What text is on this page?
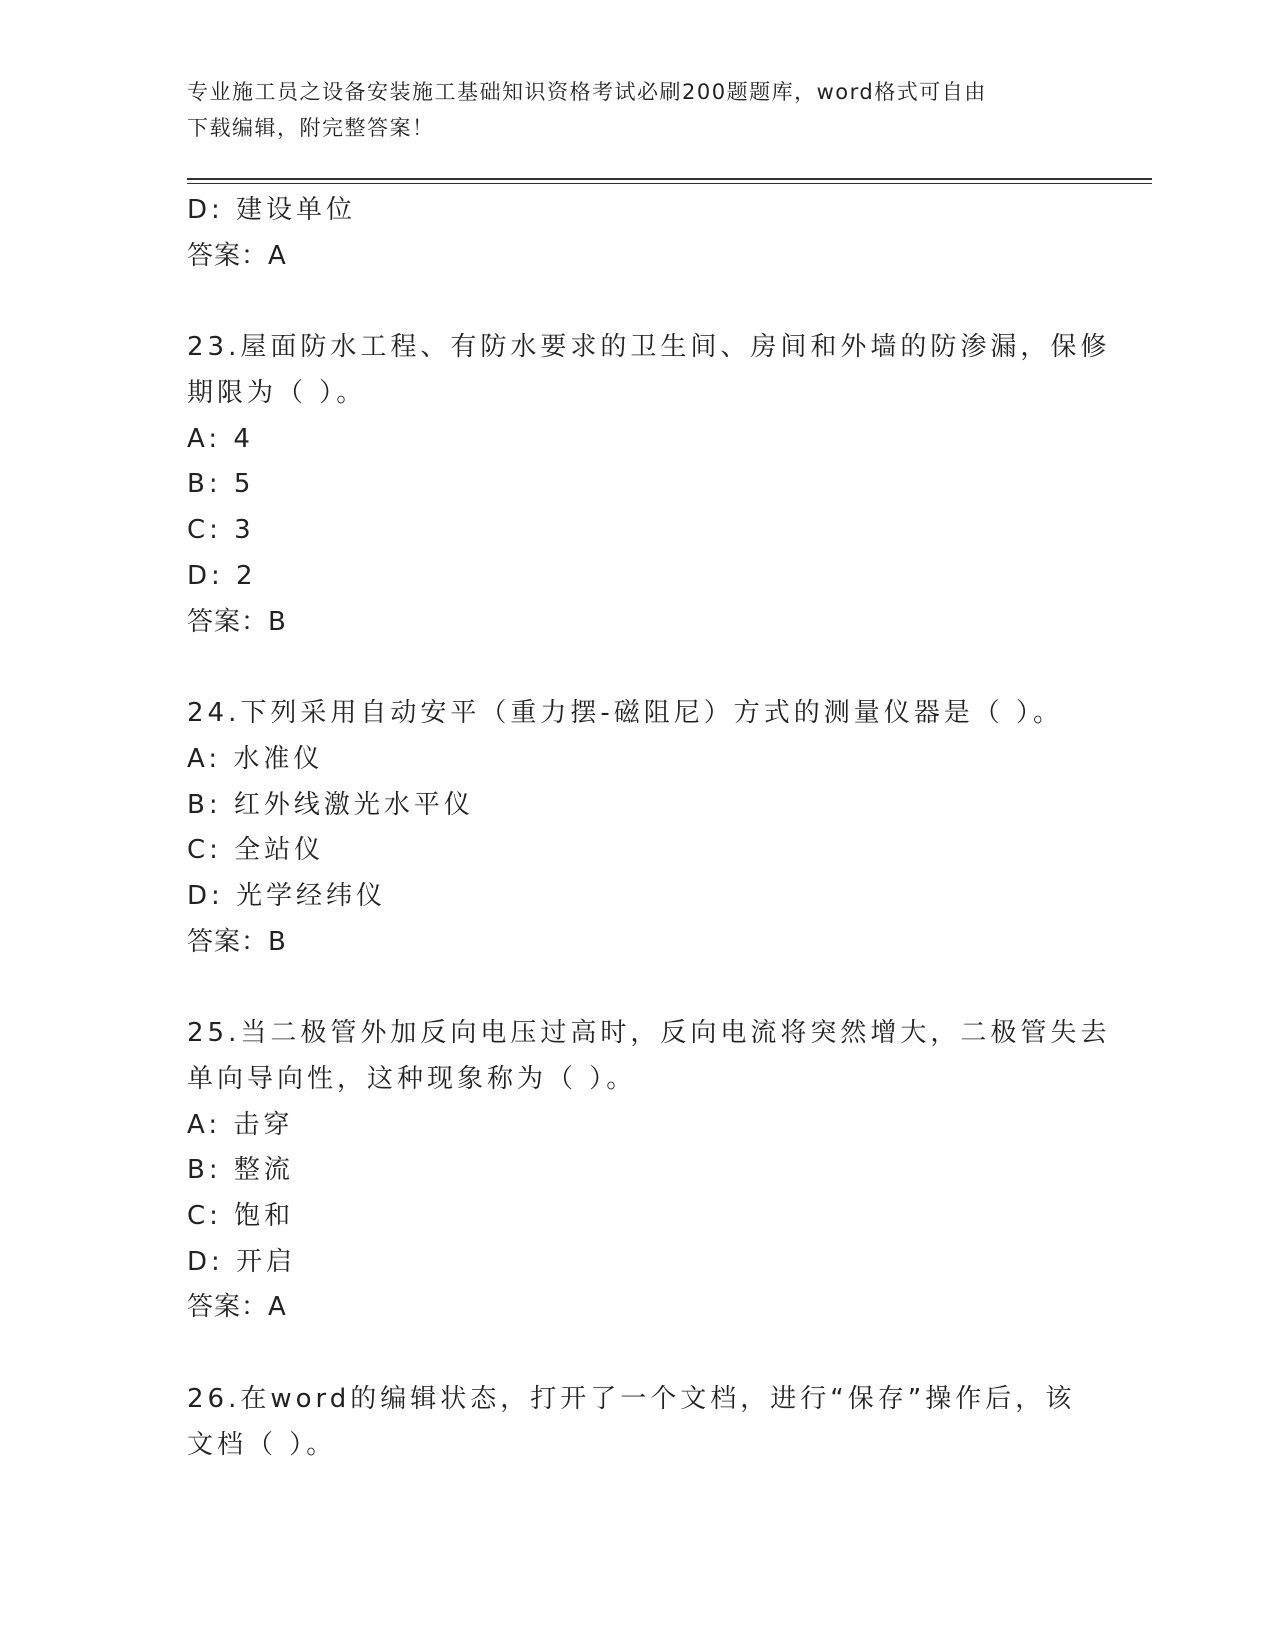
专业施工员之设备安装施工基础知识资格考试必刷200题题库，word格式可自由
下载编辑，附完整答案！
D: 建设单位
答案：A
23.屋面防水工程、有防水要求的卫生间、房间和外墙的防渗漏，保修
期限为（ ）。
A: 4
B: 5
C: 3
D: 2
答案：B
24.下列采用自动安平（重力摆-磁阻尼）方式的测量仪器是（ ）。
A: 水准仪
B: 红外线激光水平仪
C: 全站仪
D: 光学经纬仪
答案：B
25.当二极管外加反向电压过高时，反向电流将突然增大，二极管失去
单向导向性，这种现象称为（ ）。
A: 击穿
B: 整流
C: 饱和
D: 开启
答案：A
26.在word的编辑状态，打开了一个文档，进行“保存”操作后，该
文档（ ）。
